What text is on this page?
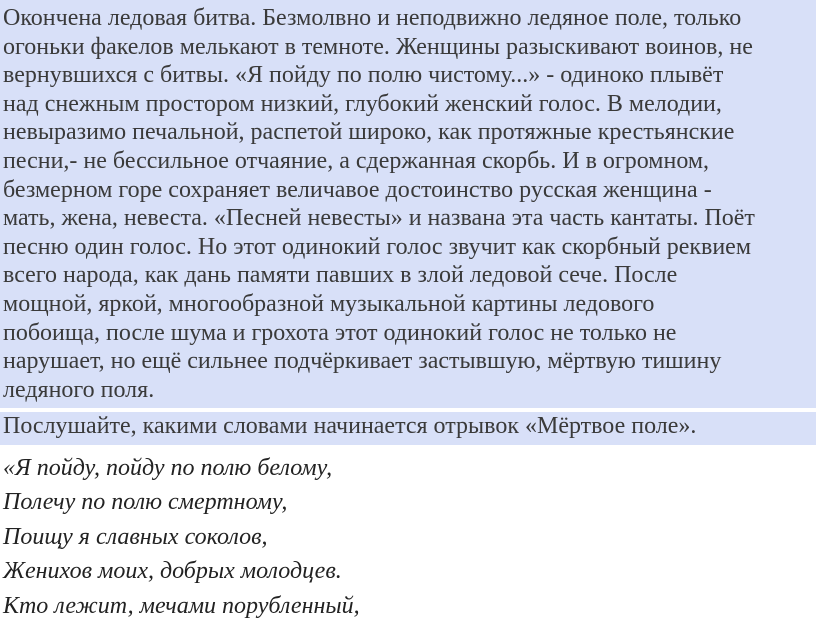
Окончена ледовая битва. Безмолвно и неподвижно ледяное поле, только
огоньки факелов мелькают в темноте. Женщины разыскивают воинов, не
вернувшихся с битвы. «Я пойду по полю чистому...» - одиноко плывёт
над снежным простором низкий, глубокий женский голос. В мелодии,
невыразимо печальной, распетой широко, как протяжные крестьянские
песни,- не бессильное отчаяние, а сдержанная скорбь. И в огромном,
безмерном горе сохраняет величавое достоинство русская женщина -
мать, жена, невеста. «Песней невесты» и названа эта часть кантаты. Поёт
песню один голос. Но этот одинокий голос звучит как скорбный реквием
всего народа, как дань памяти павших в злой ледовой сече. После
мощной, яркой, многообразной музыкальной картины ледового
побоища, после шума и грохота этот одинокий голос не только не
нарушает, но ещё сильнее подчёркивает застывшую, мёртвую тишину
ледяного поля.
Послушайте, какими словами начинается отрывок «Мёртвое поле».
«Я пойду, пойду по полю белому,
Полечу по полю смертному,
Поищу я славных соколов,
Женихов моих, добрых молодцев.
Кто лежит, мечами порубленный,
